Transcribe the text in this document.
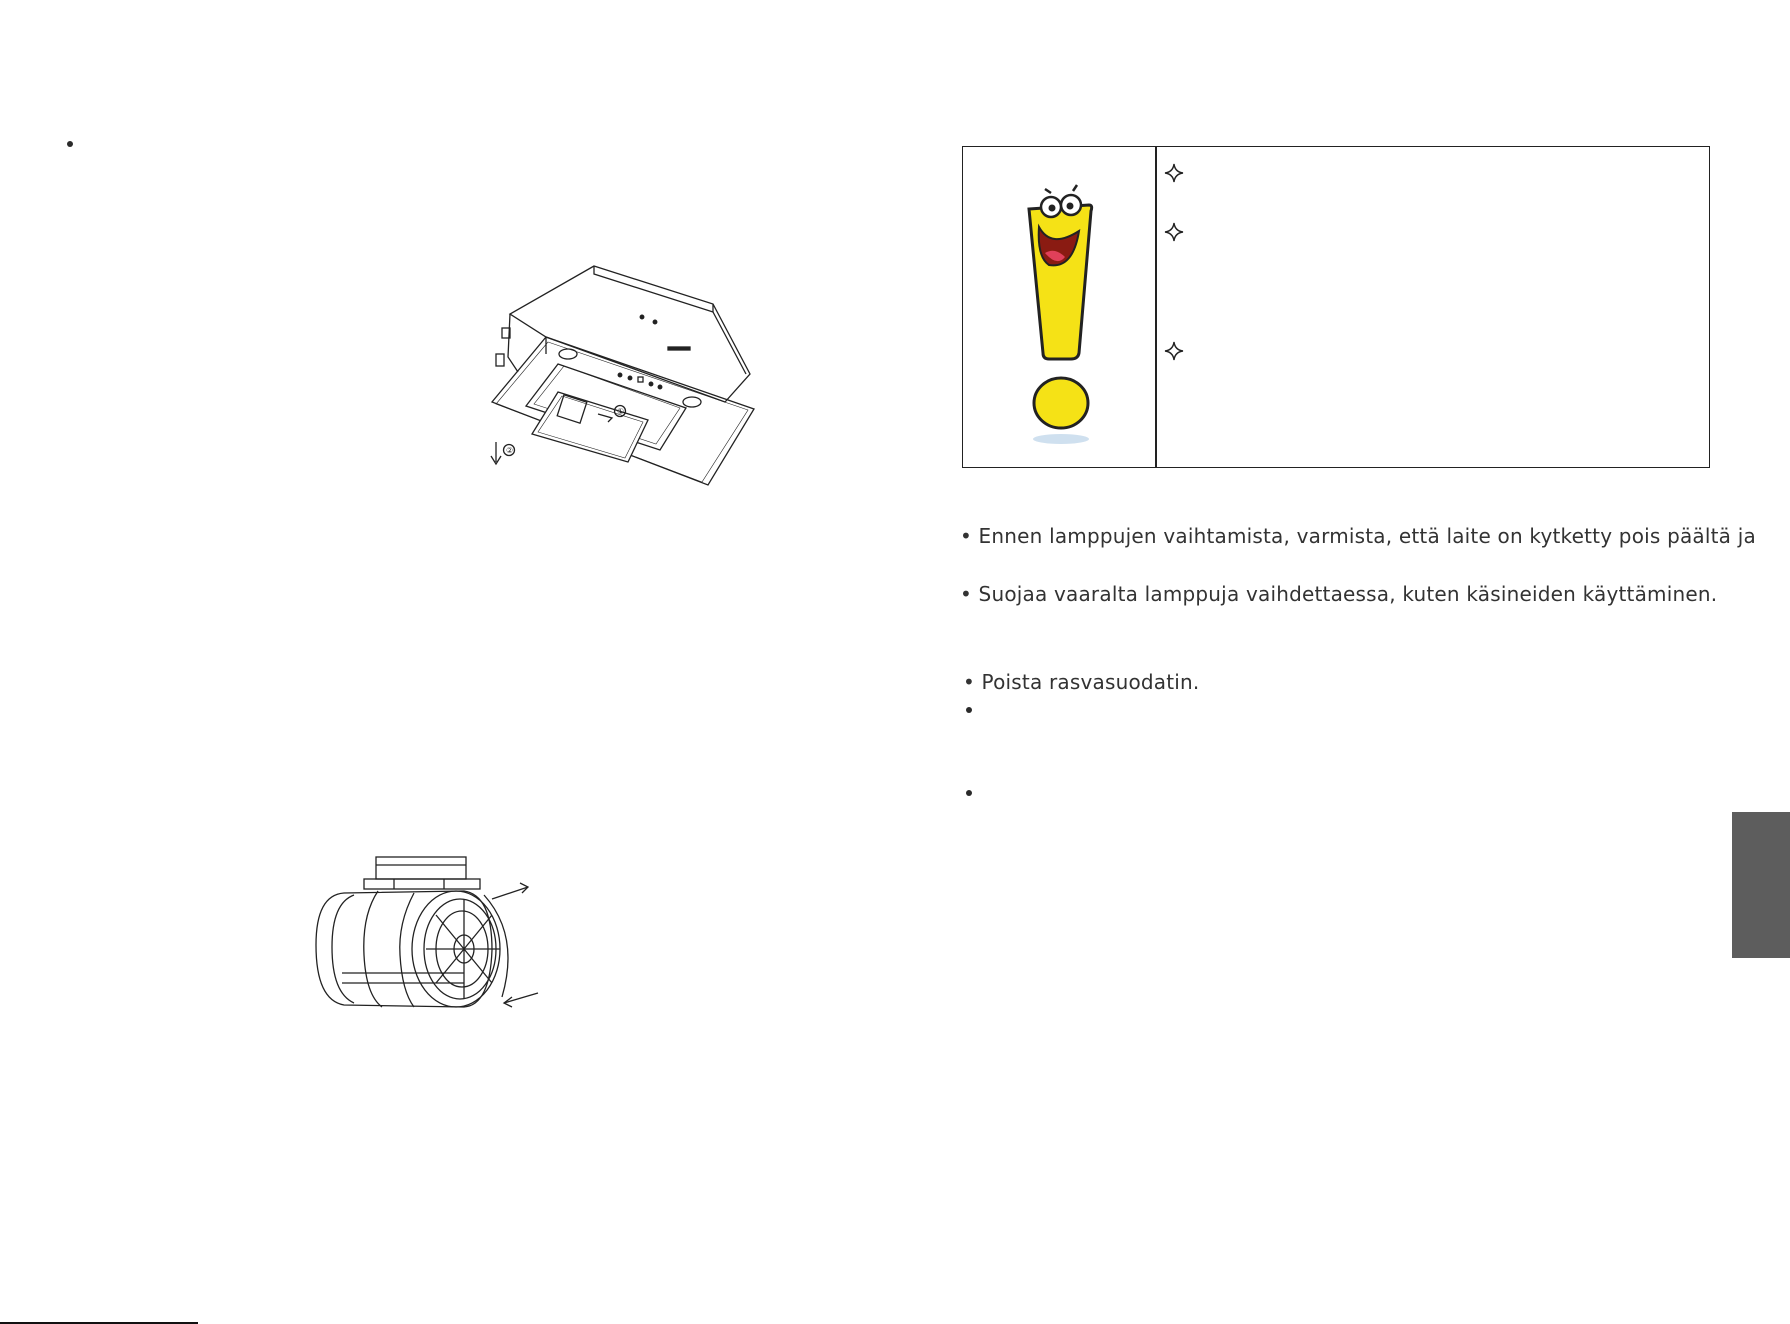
①
②
• Ennen lamppujen vaihtamista, varmista, että laite on kytketty pois päältä ja
• Suojaa vaaralta lamppuja vaihdettaessa, kuten käsineiden käyttäminen.
• Poista rasvasuodatin.
